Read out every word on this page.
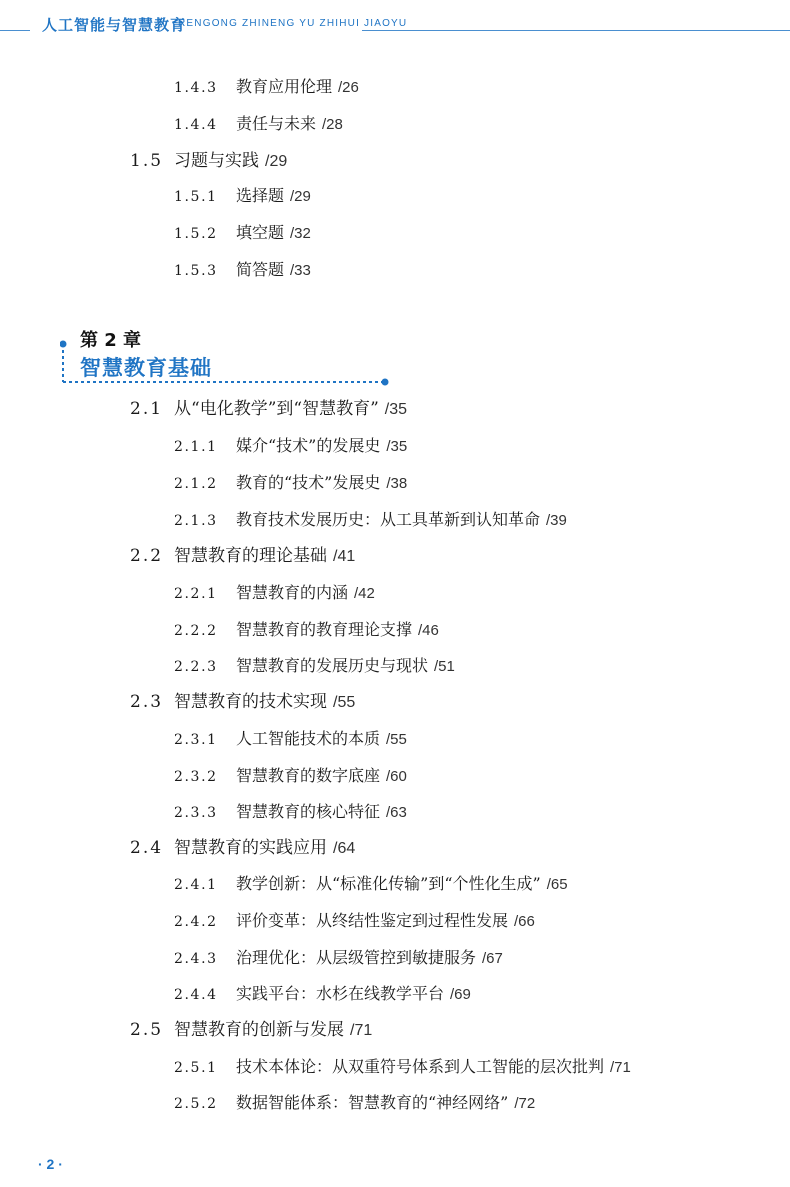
人工智能与智慧教育
RENGONG ZHINENG YU ZHIHUI JIAOYU
1.4.3 教育应用伦理 /26
1.4.4 责任与未来 /28
1.5 习题与实践 /29
1.5.1 选择题 /29
1.5.2 填空题 /32
1.5.3 简答题 /33
2.1 从“电化教学”到“智慧教育” /35
2.1.1 媒介“技术”的发展史 /35
2.1.2 教育的“技术”发展史 /38
2.1.3 教育技术发展历史：从工具革新到认知革命 /39
2.2 智慧教育的理论基础 /41
2.2.1 智慧教育的内涵 /42
2.2.2 智慧教育的教育理论支撑 /46
2.2.3 智慧教育的发展历史与现状 /51
2.3 智慧教育的技术实现 /55
2.3.1 人工智能技术的本质 /55
2.3.2 智慧教育的数字底座 /60
2.3.3 智慧教育的核心特征 /63
2.4 智慧教育的实践应用 /64
2.4.1 教学创新：从“标准化传输”到“个性化生成” /65
2.4.2 评价变革：从终结性鉴定到过程性发展 /66
2.4.3 治理优化：从层级管控到敏捷服务 /67
2.4.4 实践平台：水杉在线教学平台 /69
2.5 智慧教育的创新与发展 /71
2.5.1 技术本体论：从双重符号体系到人工智能的层次批判 /71
2.5.2 数据智能体系：智慧教育的“神经网络” /72
第 2 章
智慧教育基础
· 2 ·
